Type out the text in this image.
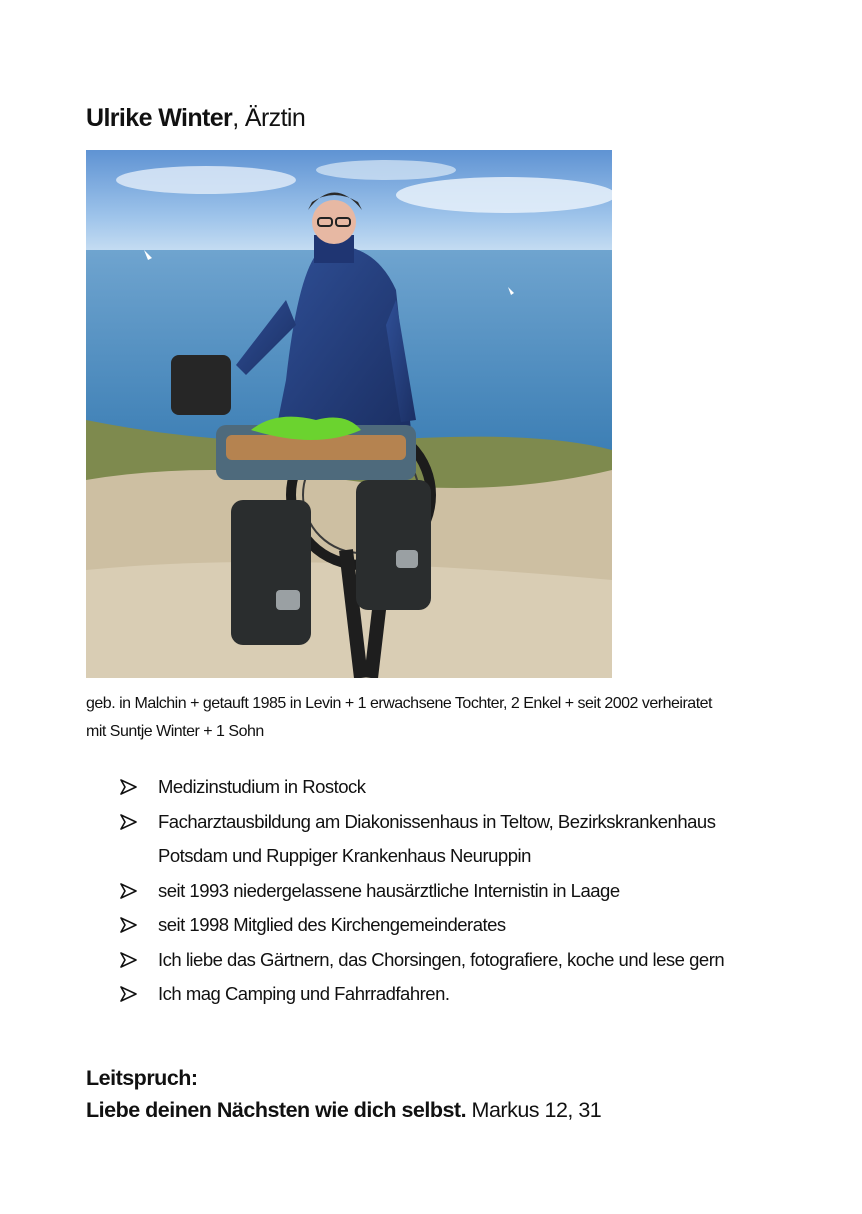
Ulrike Winter, Ärztin
geb. in Malchin + getauft 1985 in Levin + 1 erwachsene Tochter, 2 Enkel + seit 2002 verheiratet
mit Suntje Winter + 1 Sohn
Medizinstudium in Rostock
Facharztausbildung am Diakonissenhaus in Teltow, Bezirkskrankenhaus
Potsdam und Ruppiger Krankenhaus Neuruppin
seit 1993 niedergelassene hausärztliche Internistin in Laage
seit 1998 Mitglied des Kirchengemeinderates
Ich liebe das Gärtnern, das Chorsingen, fotografiere, koche und lese gern
Ich mag Camping und Fahrradfahren.
Leitspruch:
Liebe deinen Nächsten wie dich selbst. Markus 12, 31
